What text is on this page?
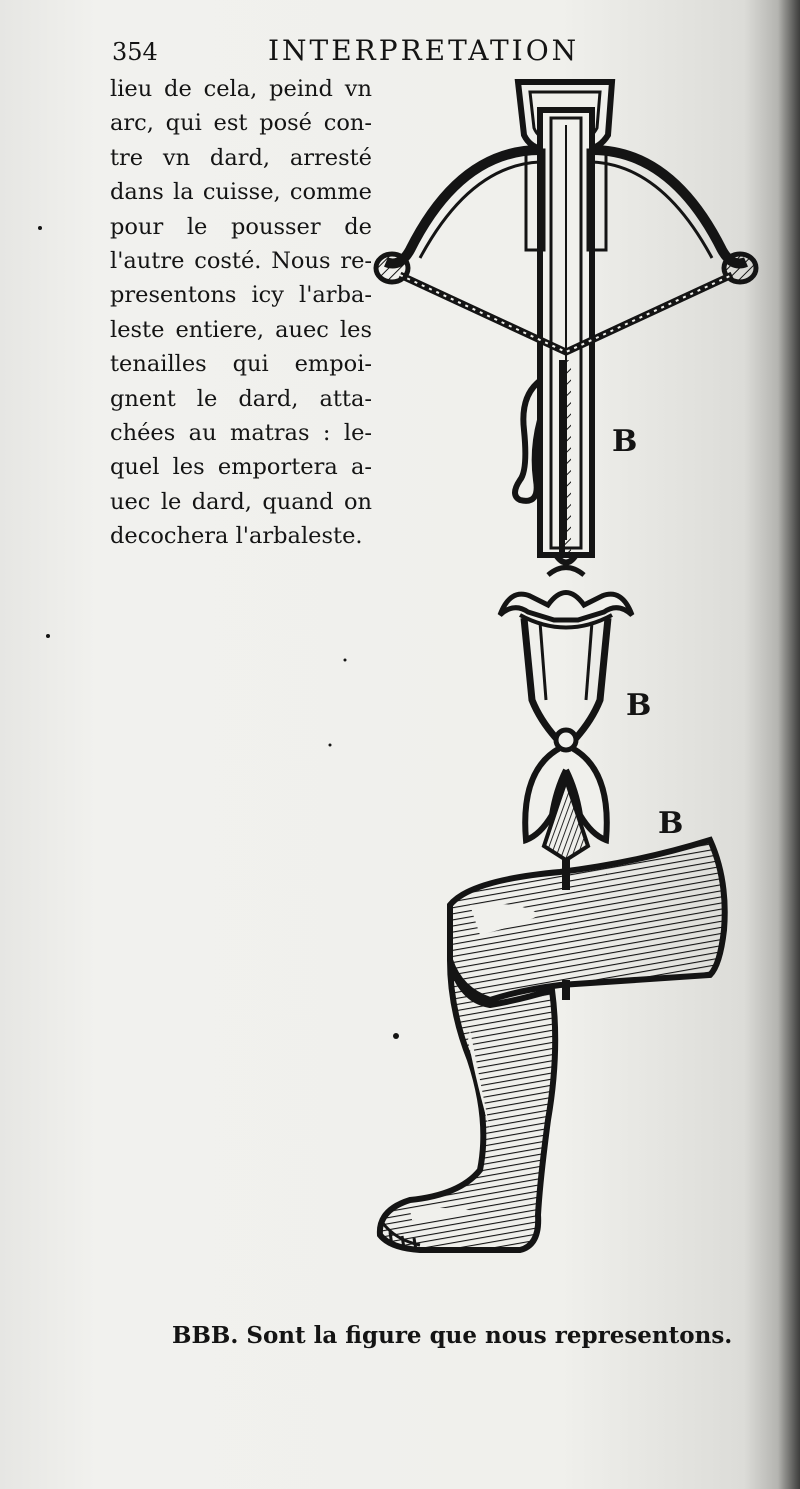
354	INTERPRETATION
lieu de cela, peind vn
arc, qui est posé con-
tre vn dard, arresté
dans la cuisse, comme
pour le pousser de
l'autre costé. Nous re-
presentons icy l'arba-
leste entiere, auec les
tenailles qui empoi-
gnent le dard, atta-
chées au matras : le-
quel les emportera a-
uec le dard, quand on
decochera l'arbaleste.
B
B
B
BBB. Sont la figure que nous representons.
